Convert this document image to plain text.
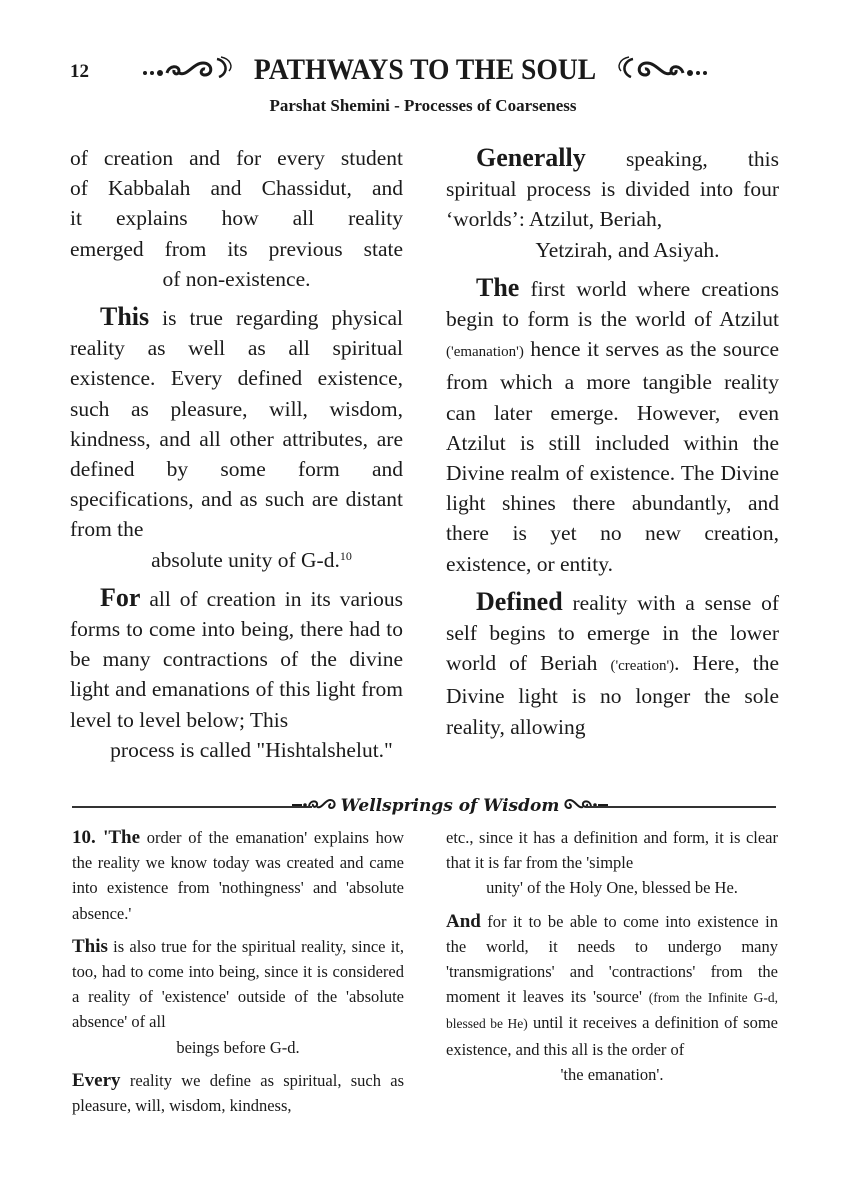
12	PATHWAYS TO THE SOUL
Parshat Shemini - Processes of Coarseness

of creation and for every student
of Kabbalah and Chassidut, and
it explains how all reality
emerged from its previous state
of non-existence.

This is true regarding physical reality as well as all spiritual existence. Every defined existence, such as pleasure, will, wisdom, kindness, and all other attributes, are defined by some form and specifications, and as such are distant from the
absolute unity of G-d.$^{10}$

For all of creation in its various forms to come into being, there had to be many contractions of the divine light and emanations of this light from level to level below; This
process is called "Hishtalshelut."

Generally speaking, this spiritual process is divided into four ‘worlds’: Atzilut, Beriah,
Yetzirah, and Asiyah.

The first world where creations begin to form is the world of Atzilut ('emanation') hence it serves as the source from which a more tangible reality can later emerge. However, even Atzilut is still included within the Divine realm of existence. The Divine light shines there abundantly, and there is yet no new creation, existence, or entity.

Defined reality with a sense of self begins to emerge in the lower world of Beriah ('creation'). Here, the Divine light is no longer the sole reality, allowing

Wellsprings of Wisdom

10. 'The order of the emanation' explains how the reality we know today was created and came into existence from 'nothingness' and 'absolute absence.'

This is also true for the spiritual reality, since it, too, had to come into being, since it is considered a reality of 'existence' outside of the 'absolute absence' of all
beings before G-d.

Every reality we define as spiritual, such as pleasure, will, wisdom, kindness,

etc., since it has a definition and form, it is clear that it is far from the 'simple
unity' of the Holy One, blessed be He.

And for it to be able to come into existence in the world, it needs to undergo many 'transmigrations' and 'contractions' from the moment it leaves its 'source' (from the Infinite G-d, blessed be He) until it receives a definition of some existence, and this all is the order of
'the emanation'.
